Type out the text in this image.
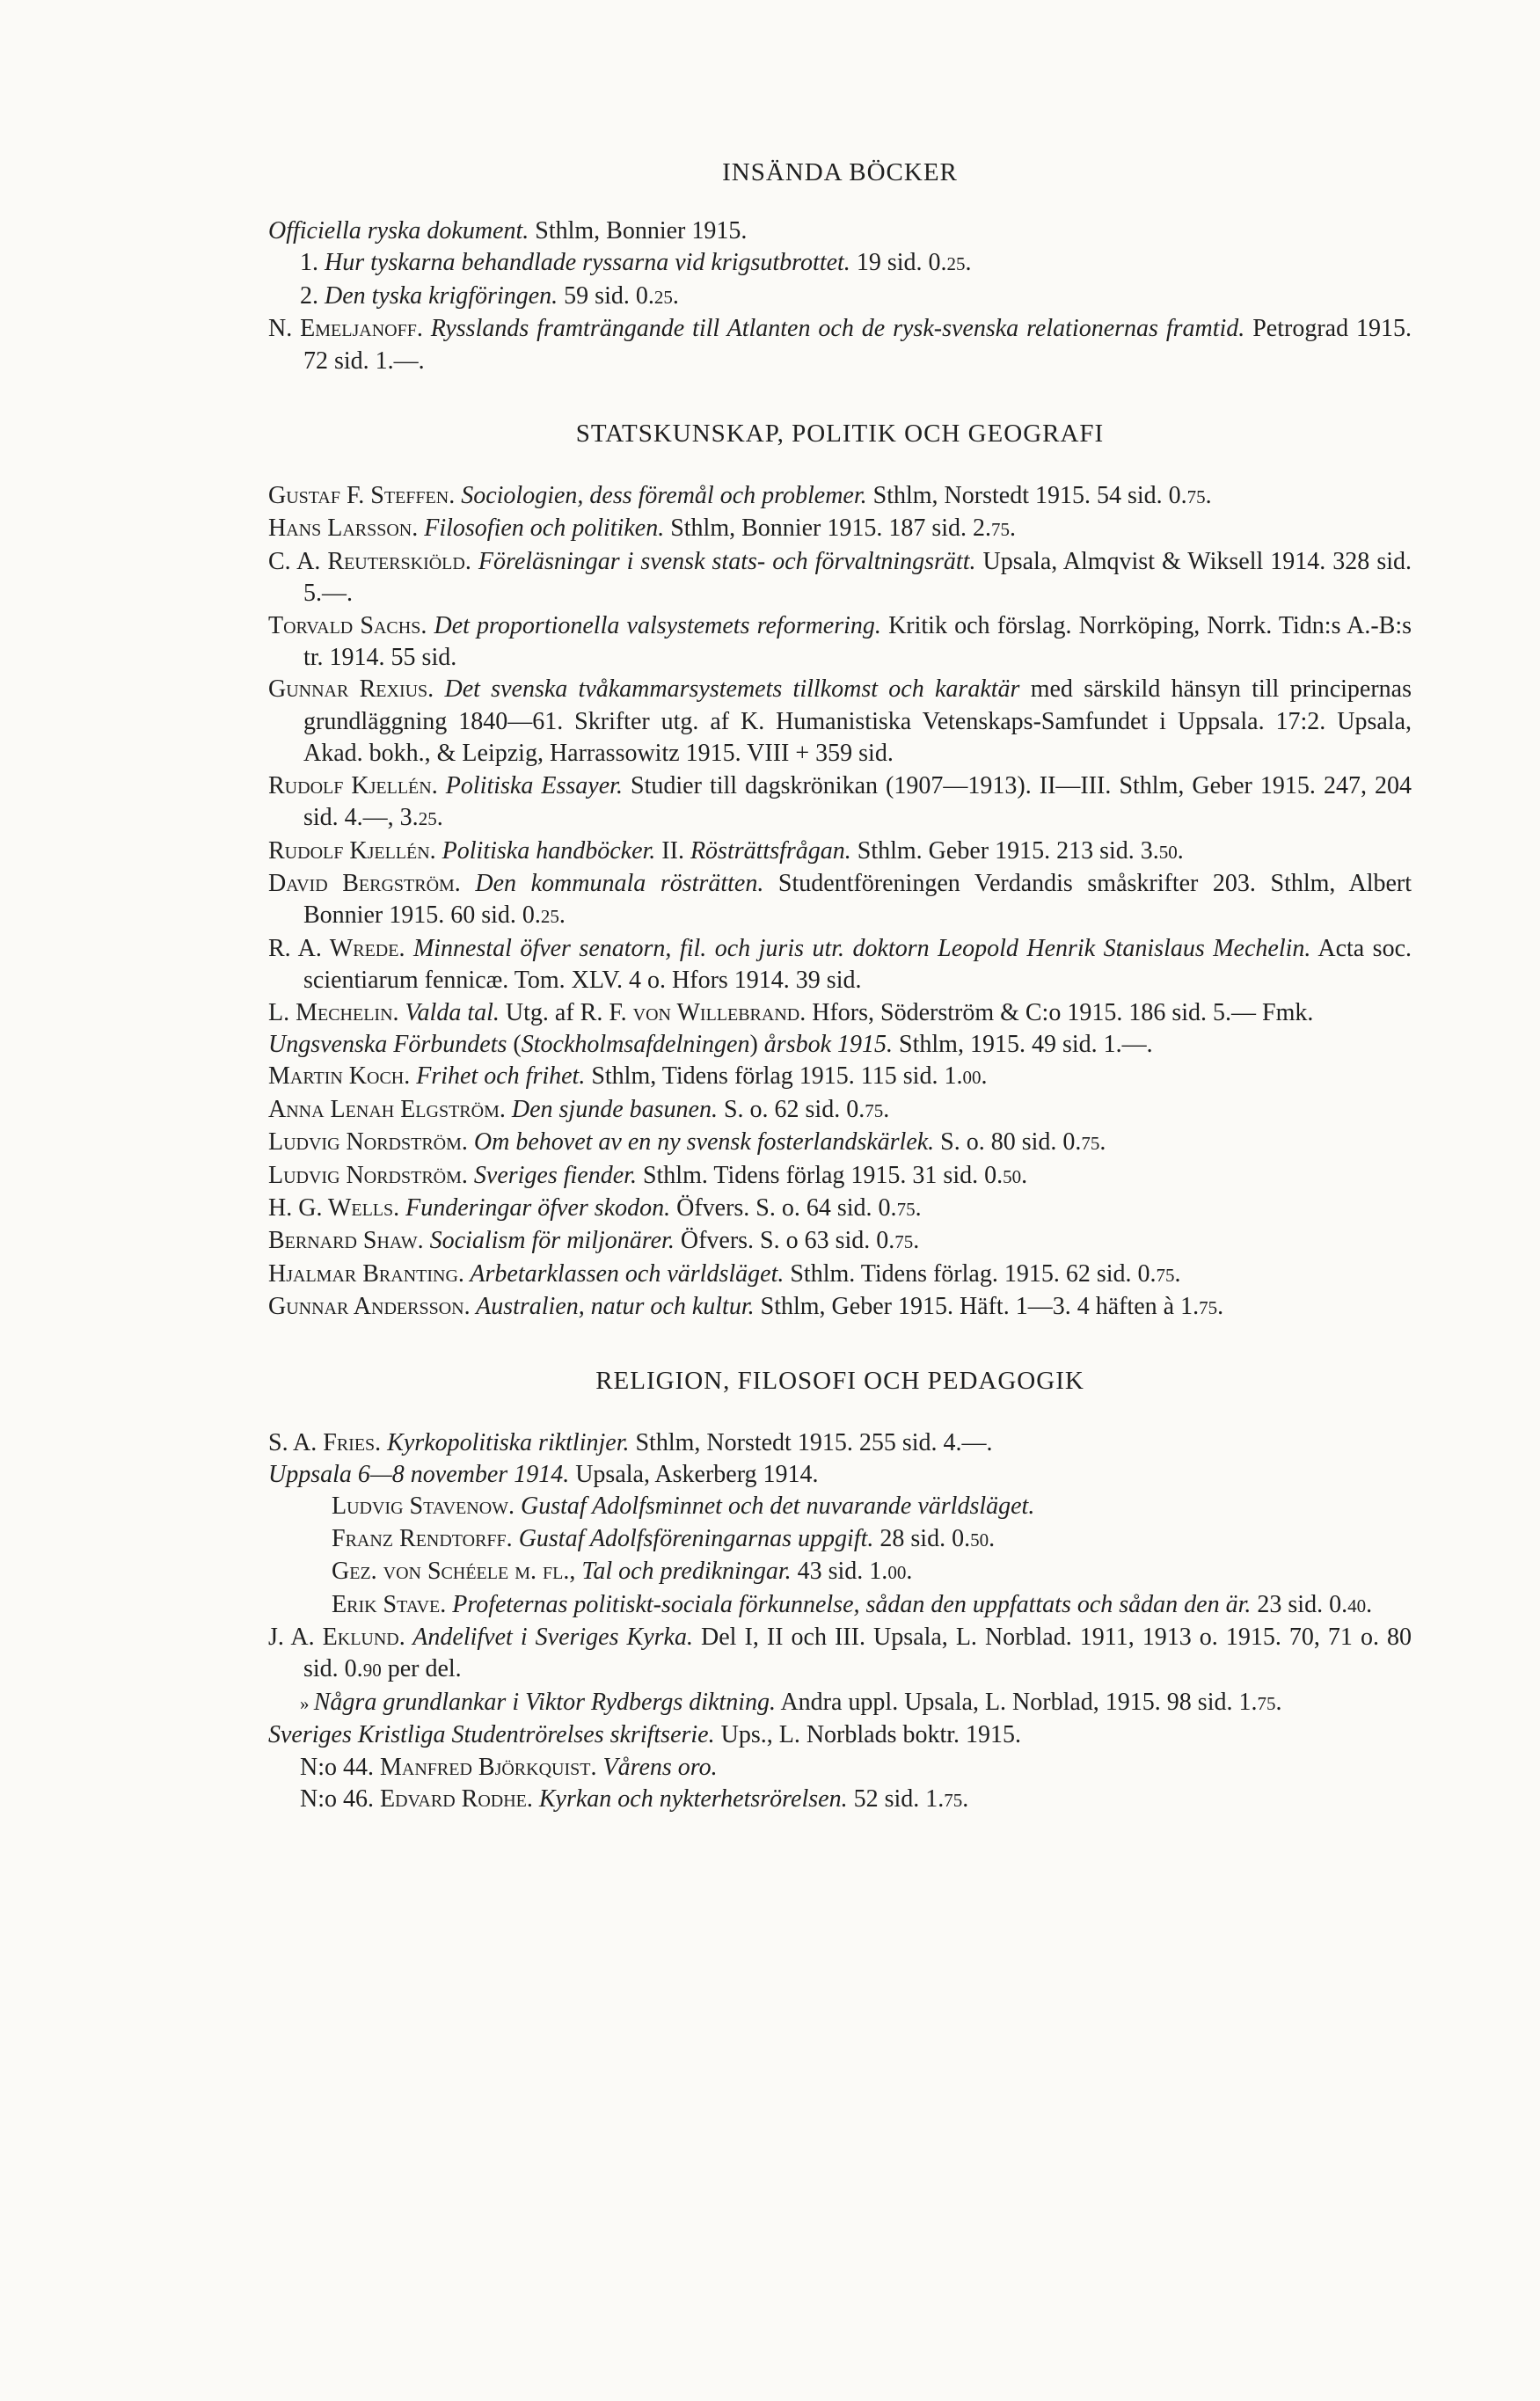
INSÄNDA BÖCKER

Officiella ryska dokument. Sthlm, Bonnier 1915.

1. Hur tyskarna behandlade ryssarna vid krigsutbrottet. 19 sid. 0.25.

2. Den tyska krigföringen. 59 sid. 0.25.

N. Emeljanoff. Rysslands framträngande till Atlanten och de rysk-svenska relationernas framtid. Petrograd 1915. 72 sid. 1.—.

STATSKUNSKAP, POLITIK OCH GEOGRAFI

Gustaf F. Steffen. Sociologien, dess föremål och problemer. Sthlm, Norstedt 1915. 54 sid. 0.75.

Hans Larsson. Filosofien och politiken. Sthlm, Bonnier 1915. 187 sid. 2.75.

C. A. Reuterskiöld. Föreläsningar i svensk stats- och förvaltningsrätt. Upsala, Almqvist & Wiksell 1914. 328 sid. 5.—.

Torvald Sachs. Det proportionella valsystemets reformering. Kritik och förslag. Norrköping, Norrk. Tidn:s A.-B:s tr. 1914. 55 sid.

Gunnar Rexius. Det svenska tvåkammarsystemets tillkomst och karaktär med särskild hänsyn till principernas grundläggning 1840—61. Skrifter utg. af K. Humanistiska Vetenskaps-Samfundet i Uppsala. 17:2. Upsala, Akad. bokh., & Leipzig, Harrassowitz 1915. VIII + 359 sid.

Rudolf Kjellén. Politiska Essayer. Studier till dagskrönikan (1907—1913). II—III. Sthlm, Geber 1915. 247, 204 sid. 4.—, 3.25.

Rudolf Kjellén. Politiska handböcker. II. Rösträttsfrågan. Sthlm. Geber 1915. 213 sid. 3.50.

David Bergström. Den kommunala rösträtten. Studentföreningen Verdandis småskrifter 203. Sthlm, Albert Bonnier 1915. 60 sid. 0.25.

R. A. Wrede. Minnestal öfver senatorn, fil. och juris utr. doktorn Leopold Henrik Stanislaus Mechelin. Acta soc. scientiarum fennicæ. Tom. XLV. 4 o. Hfors 1914. 39 sid.

L. Mechelin. Valda tal. Utg. af R. F. von Willebrand. Hfors, Söderström & C:o 1915. 186 sid. 5.— Fmk.

Ungsvenska Förbundets (Stockholmsafdelningen) årsbok 1915. Sthlm, 1915. 49 sid. 1.—.

Martin Koch. Frihet och frihet. Sthlm, Tidens förlag 1915. 115 sid. 1.00.

Anna Lenah Elgström. Den sjunde basunen. S. o. 62 sid. 0.75.

Ludvig Nordström. Om behovet av en ny svensk fosterlandskärlek. S. o. 80 sid. 0.75.

Ludvig Nordström. Sveriges fiender. Sthlm. Tidens förlag 1915. 31 sid. 0.50.

H. G. Wells. Funderingar öfver skodon. Öfvers. S. o. 64 sid. 0.75.

Bernard Shaw. Socialism för miljonärer. Öfvers. S. o 63 sid. 0.75.

Hjalmar Branting. Arbetarklassen och världsläget. Sthlm. Tidens förlag. 1915. 62 sid. 0.75.

Gunnar Andersson. Australien, natur och kultur. Sthlm, Geber 1915. Häft. 1—3. 4 häften à 1.75.

RELIGION, FILOSOFI OCH PEDAGOGIK

S. A. Fries. Kyrkopolitiska riktlinjer. Sthlm, Norstedt 1915. 255 sid. 4.—.

Uppsala 6—8 november 1914. Upsala, Askerberg 1914.

Ludvig Stavenow. Gustaf Adolfsminnet och det nuvarande världsläget.

Franz Rendtorff. Gustaf Adolfsföreningarnas uppgift. 28 sid. 0.50.

Gez. von Schéele m. fl., Tal och predikningar. 43 sid. 1.00.

Erik Stave. Profeternas politiskt-sociala förkunnelse, sådan den uppfattats och sådan den är. 23 sid. 0.40.

J. A. Eklund. Andelifvet i Sveriges Kyrka. Del I, II och III. Upsala, L. Norblad. 1911, 1913 o. 1915. 70, 71 o. 80 sid. 0.90 per del.

» Några grundlankar i Viktor Rydbergs diktning. Andra uppl. Upsala, L. Norblad, 1915. 98 sid. 1.75.

Sveriges Kristliga Studentrörelses skriftserie. Ups., L. Norblads boktr. 1915.

N:o 44. Manfred Björkquist. Vårens oro.

N:o 46. Edvard Rodhe. Kyrkan och nykterhetsrörelsen. 52 sid. 1.75.
